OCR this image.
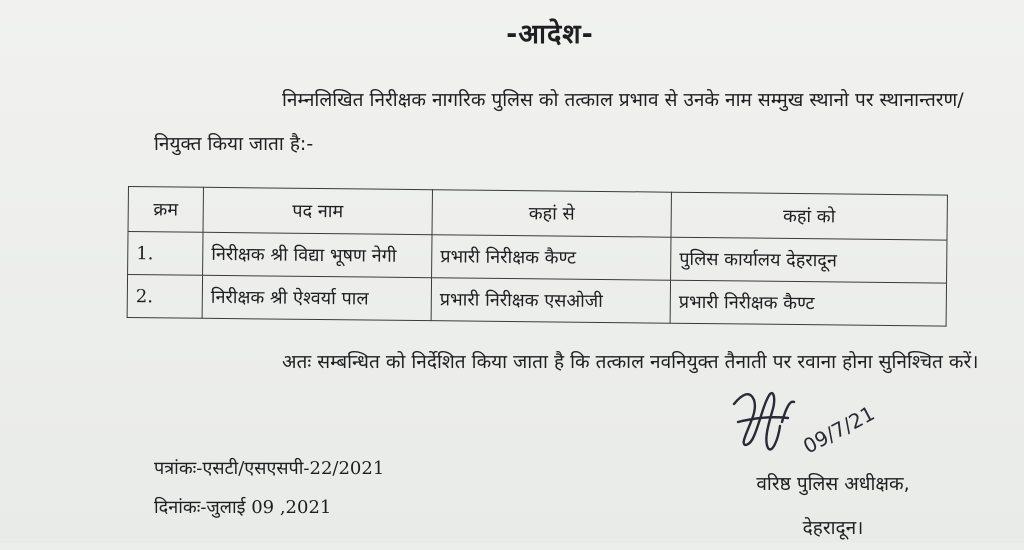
-आदेश-
निम्नलिखित निरीक्षक नागरिक पुलिस को तत्काल प्रभाव से उनके नाम सम्मुख स्थानो पर स्थानान्तरण/नियुक्त किया जाता है:-
क्रम	पद नाम	कहां से	कहां को
1.	निरीक्षक श्री विद्या भूषण नेगी	प्रभारी निरीक्षक कैण्ट	पुलिस कार्यालय देहरादून
2.	निरीक्षक श्री ऐश्वर्या पाल	प्रभारी निरीक्षक एसओजी	प्रभारी निरीक्षक कैण्ट
अतः सम्बन्धित को निर्देशित किया जाता है कि तत्काल नवनियुक्त तैनाती पर रवाना होना सुनिश्चित करें।
पत्रांकः-एसटी/एसएसपी-22/2021
दिनांकः-जुलाई 09 ,2021
09/7/21
वरिष्ठ पुलिस अधीक्षक,
देहरादून।
